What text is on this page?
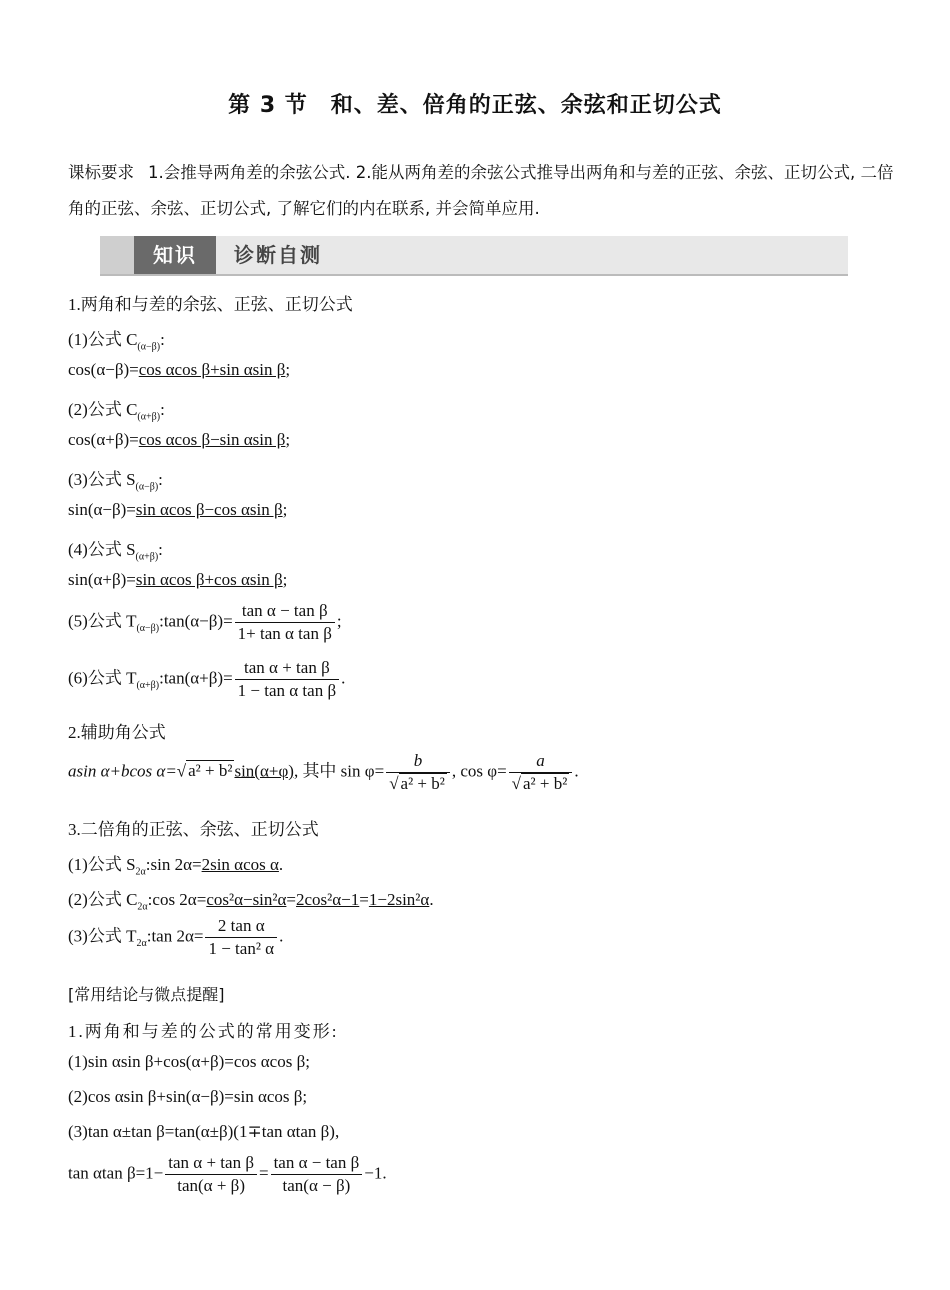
第 3 节　和、差、倍角的正弦、余弦和正切公式
课标要求 1.会推导两角差的余弦公式. 2.能从两角差的余弦公式推导出两角和与差的正弦、余弦、正切公式, 二倍角的正弦、余弦、正切公式, 了解它们的内在联系, 并会简单应用.
知识	诊断自测
1.两角和与差的余弦、正弦、正切公式
(1)公式 $C_{(\alpha-\beta)}$:
cos(α−β)=cos αcos β+sin αsin β;
(2)公式 $C_{(\alpha+\beta)}$:
cos(α+β)=cos αcos β−sin αsin β;
(3)公式 $S_{(\alpha-\beta)}$:
sin(α−β)=sin αcos β−cos αsin β;
(4)公式 $S_{(\alpha+\beta)}$:
sin(α+β)=sin αcos β+cos αsin β;
(5)公式 $T_{(\alpha-\beta)}:\tan(\alpha-\beta)= \frac{\text{tan α − tan β}}{\text{1+ tan α tan β}}$ ;
(6)公式 $T_{(\alpha+\beta)}:\tan(\alpha+\beta)= \frac{\text{tan α + tan β}}{\text{1 − tan α tan β}}$ .
2.辅助角公式
asin α+bcos α=√ a² + b² sin(α+φ), 其中 $\sin \varphi= \frac{b}{\text{√ a² + b²}}$ , $\cos \varphi= \frac{a}{\text{√ a² + b²}}$ .
3.二倍角的正弦、余弦、正切公式
(1)公式 $S_{2\alpha}:\sin$ 2α=2sin αcos α.
(2)公式 $C_{2\alpha}:\cos$ 2α=cos²α−sin²α=2cos²α−1=1−2sin²α.
(3)公式 $T_{2\alpha}:\tan$ $2\alpha= \frac{\text{2 tan α}}{\text{1 − tan² α}}$ .
[常用结论与微点提醒]
1.两角和与差的公式的常用变形:
(1)sin αsin β+cos(α+β)=cos αcos β;
(2)cos αsin β+sin(α−β)=sin αcos β;
(3)tan α±tan β=tan(α±β)(1∓tan αtan β),
tan αtan $\beta=1- \frac{\text{tan α + tan β}}{\tan(\alpha + \beta)} = \frac{\text{tan α − tan β}}{\tan(\alpha - \beta)} -1$.
